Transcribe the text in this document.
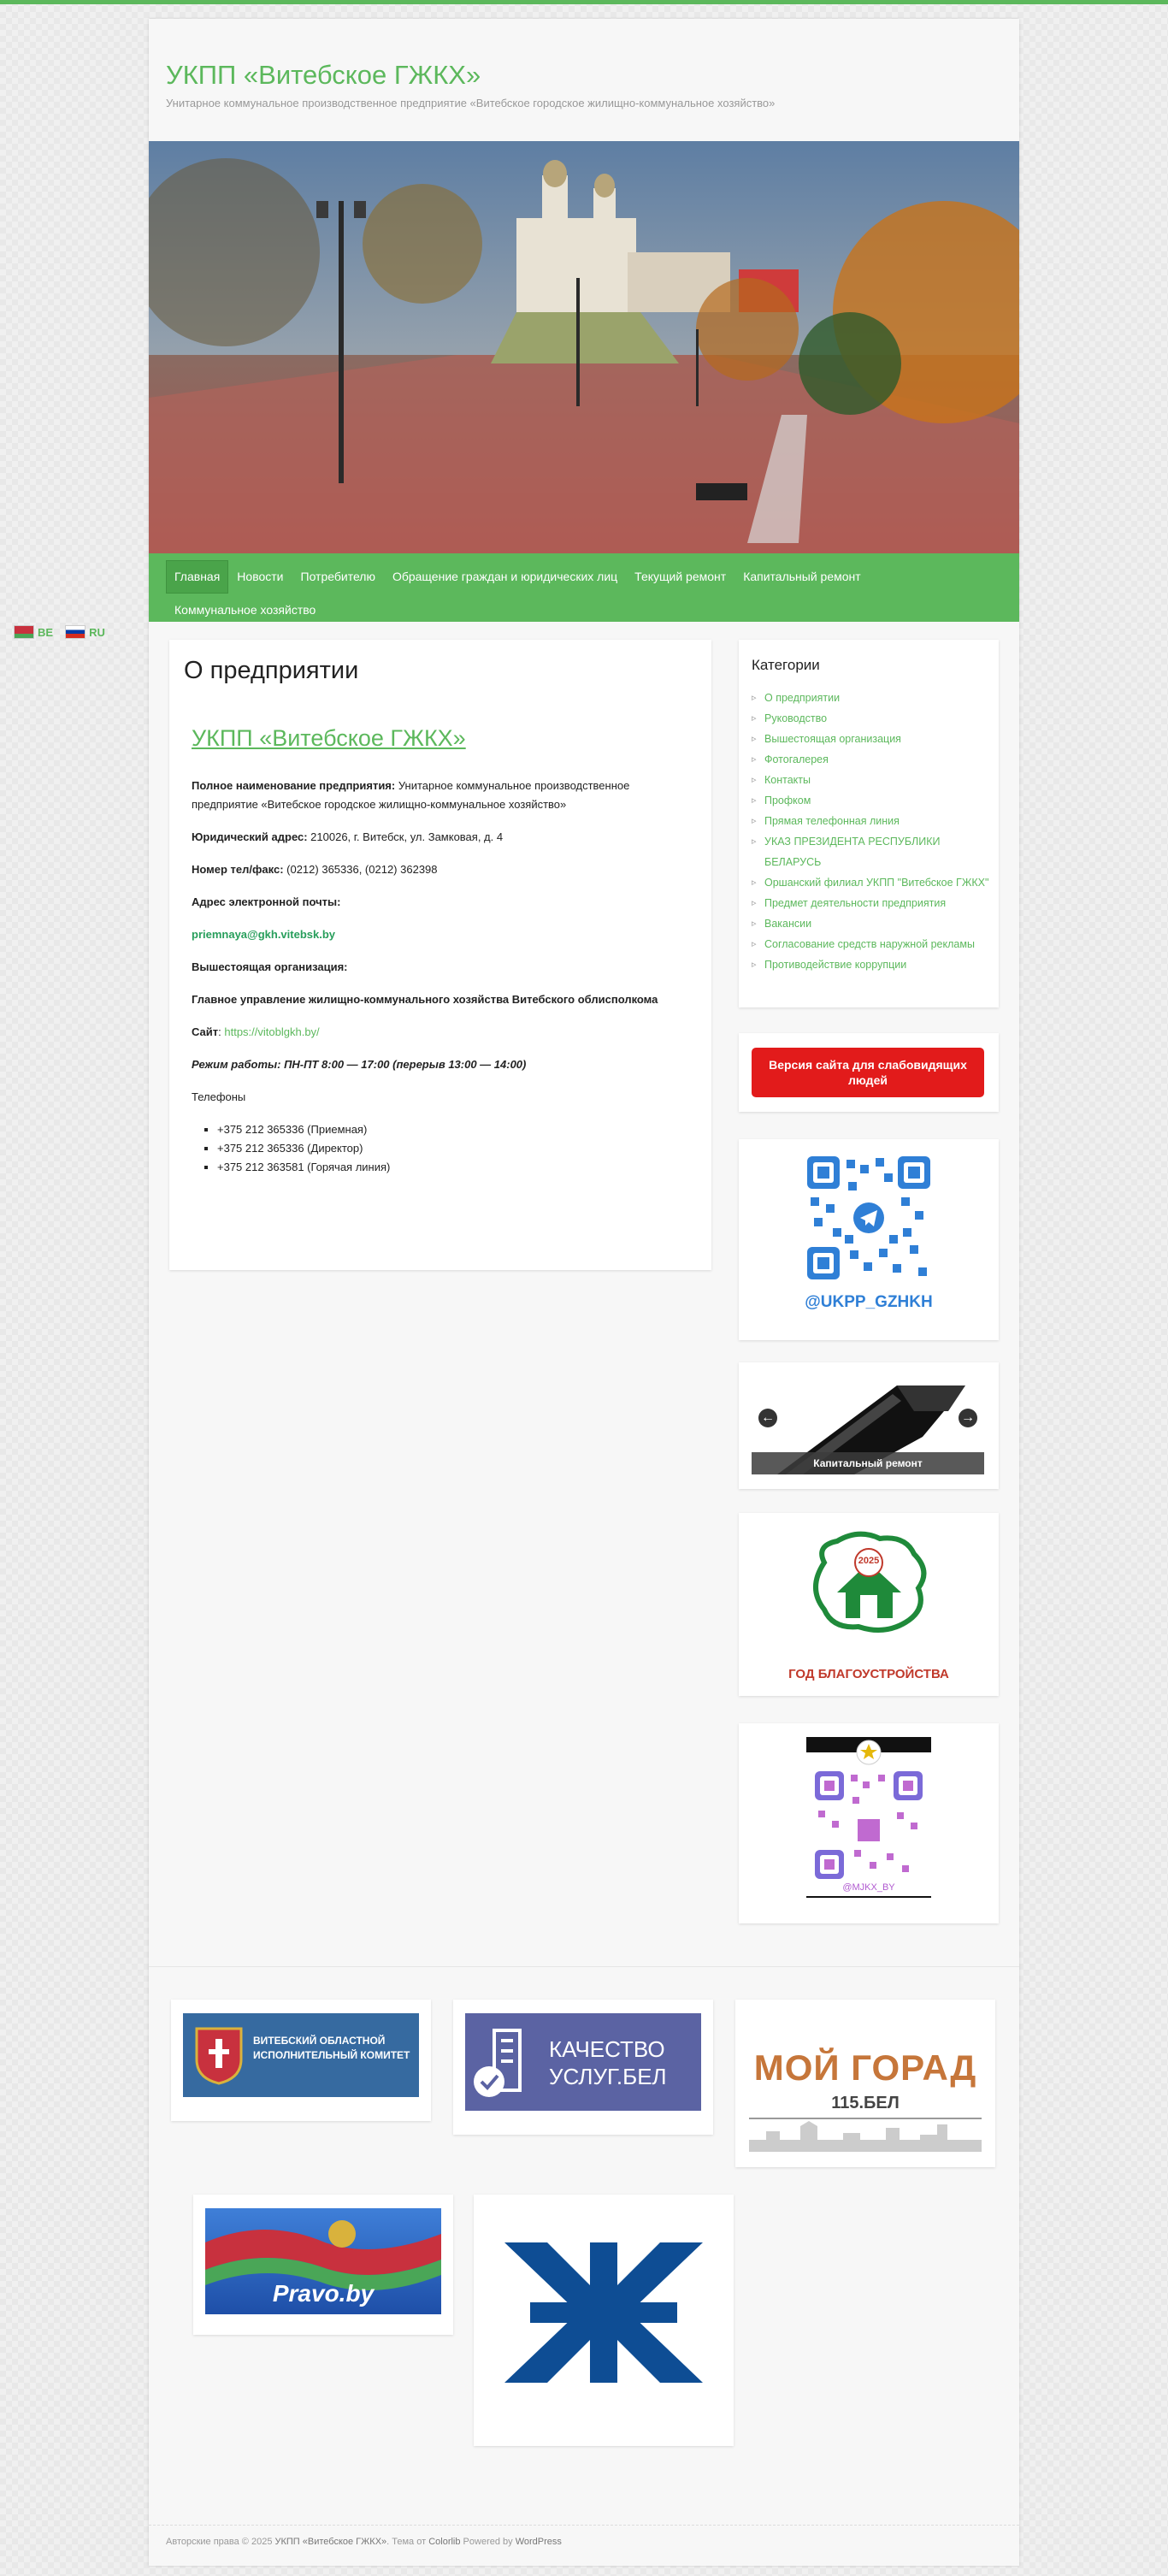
BE	RU
УКПП «Витебское ГЖКХ»
Унитарное коммунальное производственное предприятие «Витебское городское жилищно-коммунальное хозяйство»
Главная	Новости	Потребителю	Обращение граждан и юридических лиц	Текущий ремонт	Капитальный ремонт
Коммунальное хозяйство
О предприятии
УКПП «Витебское ГЖКХ»

Полное наименование предприятия: Унитарное коммунальное производственное предприятие «Витебское городское жилищно-коммунальное хозяйство»

Юридический адрес: 210026, г. Витебск, ул. Замковая, д. 4

Номер тел/факс: (0212) 365336, (0212) 362398

Адрес электронной почты:

priemnaya@gkh.vitebsk.by

Вышестоящая организация:

Главное управление жилищно-коммунального хозяйства Витебского облисполкома

Сайт: https://vitoblgkh.by/

Режим работы: ПН-ПТ 8:00 — 17:00 (перерыв 13:00 — 14:00)

Телефоны

▪ +375 212 365336 (Приемная)
▪ +375 212 365336 (Директор)
▪ +375 212 363581 (Горячая линия)
Категории
▹ О предприятии
▹ Руководство
▹ Вышестоящая организация
▹ Фотогалерея
▹ Контакты
▹ Профком
▹ Прямая телефонная линия
▹ УКАЗ ПРЕЗИДЕНТА РЕСПУБЛИКИ БЕЛАРУСЬ
▹ Оршанский филиал УКПП "Витебское ГЖКХ"
▹ Предмет деятельности предприятия
▹ Вакансии
▹ Согласование средств наружной рекламы
▹ Противодействие коррупции
Версия сайта для слабовидящих людей
@UKPP_GZHKH
←	→
Капитальный ремонт
2025
ГОД БЛАГОУСТРОЙСТВА
@MJKX_BY
ВИТЕБСКИЙ ОБЛАСТНОЙ ИСПОЛНИТЕЛЬНЫЙ КОМИТЕТ	КАЧЕСТВО
УСЛУГ.БЕЛ	МОЙ ГОРАД
115.БЕЛ
Pravo.by
Авторские права © 2025 УКПП «Витебское ГЖКХ». Тема от Colorlib Powered by WordPress
